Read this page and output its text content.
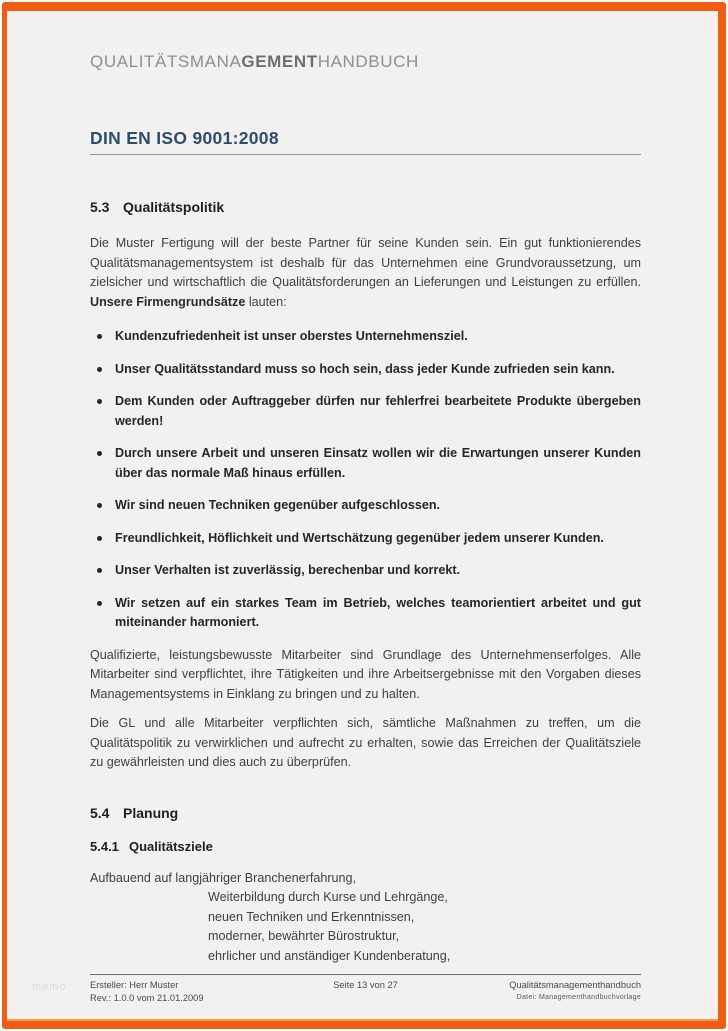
QUALITÄTSMANAGEMENTHANDBUCH
DIN EN ISO 9001:2008
5.3 Qualitätspolitik

Die Muster Fertigung will der beste Partner für seine Kunden sein. Ein gut funktionierendes Qualitätsmanagementsystem ist deshalb für das Unternehmen eine Grundvoraussetzung, um zielsicher und wirtschaftlich die Qualitätsforderungen an Lieferungen und Leistungen zu erfüllen. Unsere Firmengrundsätze lauten:

Kundenzufriedenheit ist unser oberstes Unternehmensziel.
Unser Qualitätsstandard muss so hoch sein, dass jeder Kunde zufrieden sein kann.
Dem Kunden oder Auftraggeber dürfen nur fehlerfrei bearbeitete Produkte übergeben werden!
Durch unsere Arbeit und unseren Einsatz wollen wir die Erwartungen unserer Kunden über das normale Maß hinaus erfüllen.
Wir sind neuen Techniken gegenüber aufgeschlossen.
Freundlichkeit, Höflichkeit und Wertschätzung gegenüber jedem unserer Kunden.
Unser Verhalten ist zuverlässig, berechenbar und korrekt.
Wir setzen auf ein starkes Team im Betrieb, welches teamorientiert arbeitet und gut miteinander harmoniert.

Qualifizierte, leistungsbewusste Mitarbeiter sind Grundlage des Unternehmenserfolges. Alle Mitarbeiter sind verpflichtet, ihre Tätigkeiten und ihre Arbeitsergebnisse mit den Vorgaben dieses Managementsystems in Einklang zu bringen und zu halten.

Die GL und alle Mitarbeiter verpflichten sich, sämtliche Maßnahmen zu treffen, um die Qualitätspolitik zu verwirklichen und aufrecht zu erhalten, sowie das Erreichen der Qualitätsziele zu gewährleisten und dies auch zu überprüfen.

5.4 Planung
5.4.1 Qualitätsziele

Aufbauend auf langjähriger Branchenerfahrung,

Weiterbildung durch Kurse und Lehrgänge,

neuen Techniken und Erkenntnissen,

moderner, bewährter Bürostruktur,

ehrlicher und anständiger Kundenberatung,

memo	Ersteller: Herr Muster
Rev.: 1.0.0 vom 21.01.2009
Seite 13 von 27	Qualitätsmanagementhandbuch
Datei: Managementhandbuchvorlage
